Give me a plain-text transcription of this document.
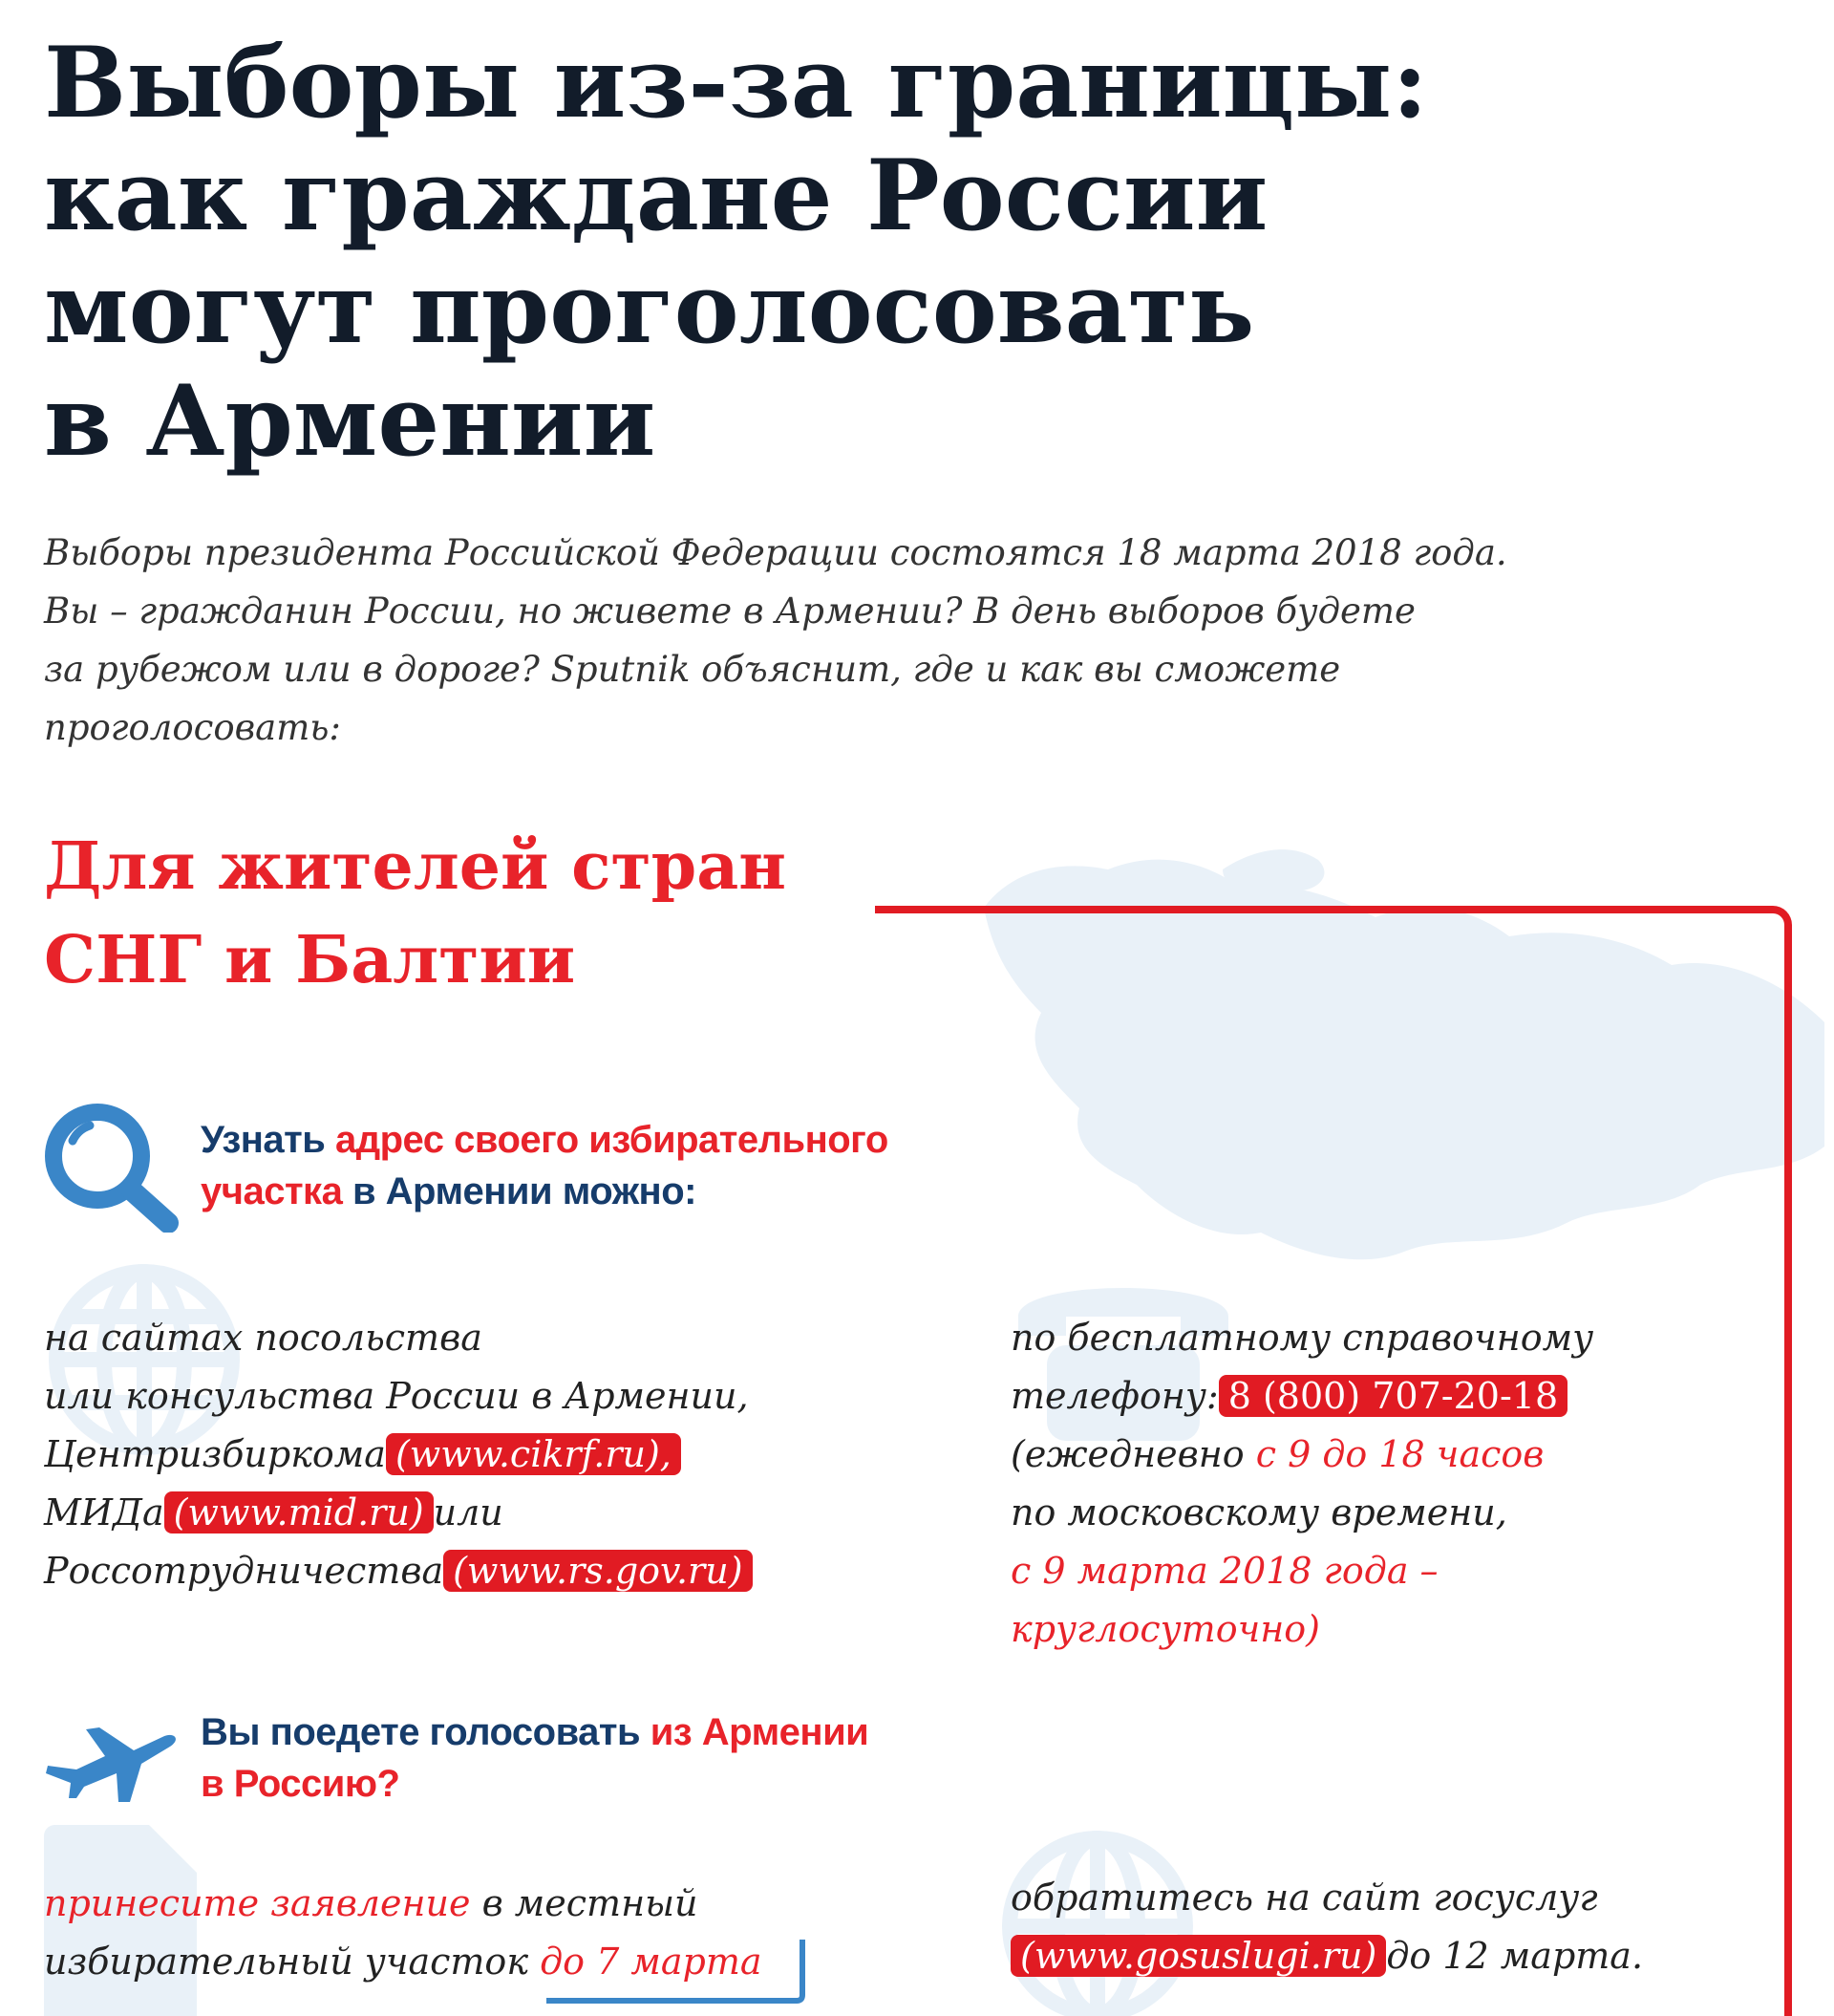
Выборы из-за границы:
как граждане России
могут проголосовать
в Армении
Выборы президента Российской Федерации состоятся 18 марта 2018 года.
Вы – гражданин России, но живете в Армении? В день выборов будете
за рубежом или в дороге? Sputnik объяснит, где и как вы сможете
проголосовать:
Для жителей стран
СНГ и Балтии
Узнать адрес своего избирательного
участка в Армении можно:
на сайтах посольства
или консульства России в Армении,
Центризбиркома (www.cikrf.ru),
МИДа (www.mid.ru) или
Россотрудничества (www.rs.gov.ru)
по бесплатному справочному
телефону: 8 (800) 707-20-18
(ежедневно с 9 до 18 часов
по московскому времени,
с 9 марта 2018 года –
круглосуточно)
Вы поедете голосовать из Армении
в Россию?
принесите заявление в местный
избирательный участок до 7 марта
обратитесь на сайт госуслуг
(www.gosuslugi.ru) до 12 марта.
